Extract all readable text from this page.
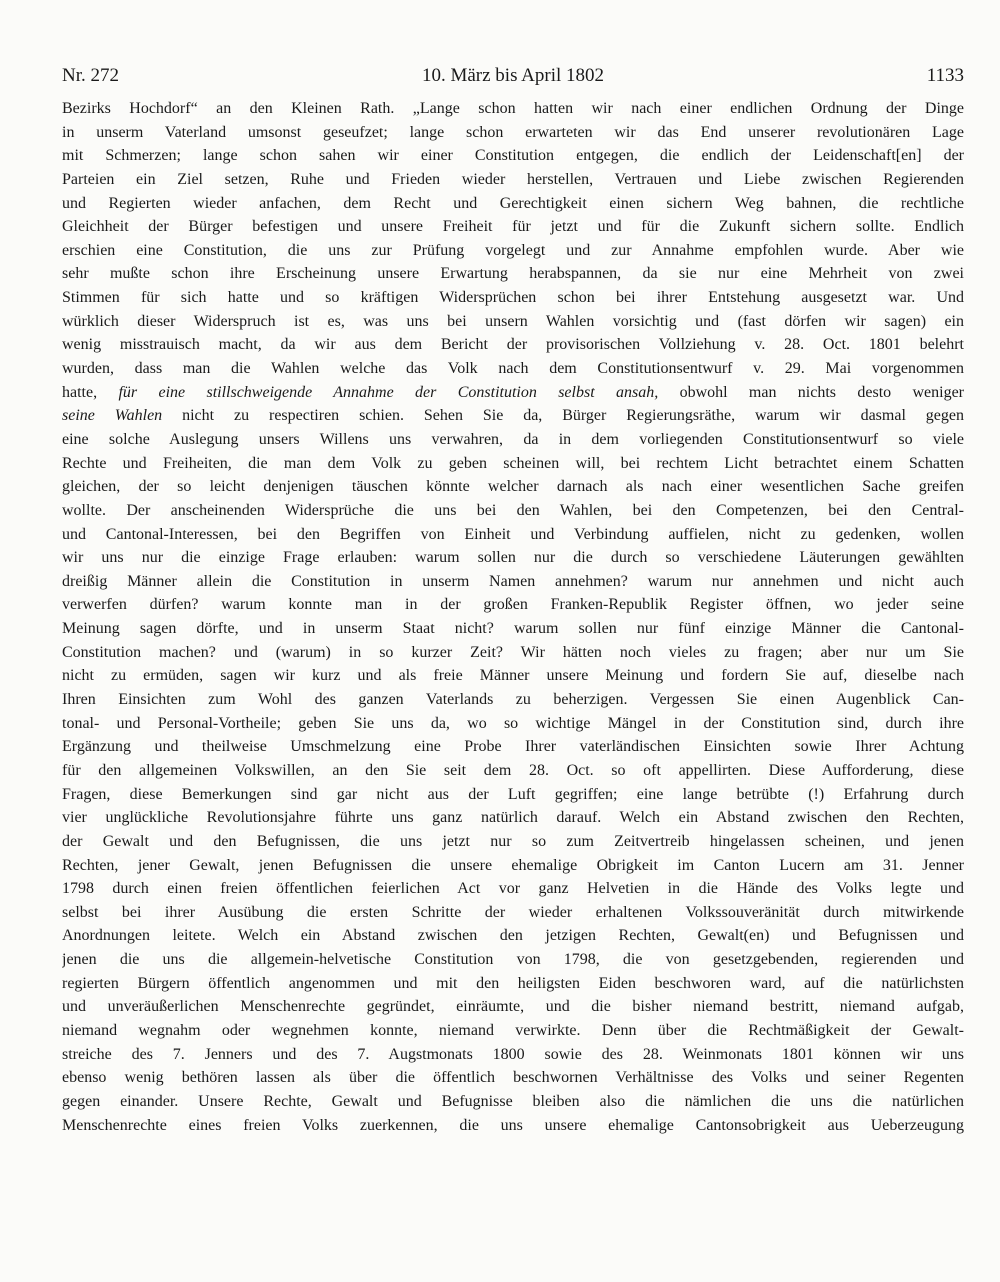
Nr. 272	10. März bis April 1802	1133
Bezirks Hochdorf“ an den Kleinen Rath. „Lange schon hatten wir nach einer endlichen Ordnung der Dinge
in unserm Vaterland umsonst geseufzet; lange schon erwarteten wir das End unserer revolutionären Lage
mit Schmerzen; lange schon sahen wir einer Constitution entgegen, die endlich der Leidenschaft[en] der
Parteien ein Ziel setzen, Ruhe und Frieden wieder herstellen, Vertrauen und Liebe zwischen Regierenden
und Regierten wieder anfachen, dem Recht und Gerechtigkeit einen sichern Weg bahnen, die rechtliche
Gleichheit der Bürger befestigen und unsere Freiheit für jetzt und für die Zukunft sichern sollte. Endlich
erschien eine Constitution, die uns zur Prüfung vorgelegt und zur Annahme empfohlen wurde. Aber wie
sehr mußte schon ihre Erscheinung unsere Erwartung herabspannen, da sie nur eine Mehrheit von zwei
Stimmen für sich hatte und so kräftigen Widersprüchen schon bei ihrer Entstehung ausgesetzt war. Und
würklich dieser Widerspruch ist es, was uns bei unsern Wahlen vorsichtig und (fast dörfen wir sagen) ein
wenig misstrauisch macht, da wir aus dem Bericht der provisorischen Vollziehung v. 28. Oct. 1801 belehrt
wurden, dass man die Wahlen welche das Volk nach dem Constitutionsentwurf v. 29. Mai vorgenommen
hatte, für eine stillschweigende Annahme der Constitution selbst ansah, obwohl man nichts desto weniger
seine Wahlen nicht zu respectiren schien. Sehen Sie da, Bürger Regierungsräthe, warum wir dasmal gegen
eine solche Auslegung unsers Willens uns verwahren, da in dem vorliegenden Constitutionsentwurf so viele
Rechte und Freiheiten, die man dem Volk zu geben scheinen will, bei rechtem Licht betrachtet einem Schatten
gleichen, der so leicht denjenigen täuschen könnte welcher darnach als nach einer wesentlichen Sache greifen
wollte. Der anscheinenden Widersprüche die uns bei den Wahlen, bei den Competenzen, bei den Central-
und Cantonal-Interessen, bei den Begriffen von Einheit und Verbindung auffielen, nicht zu gedenken, wollen
wir uns nur die einzige Frage erlauben: warum sollen nur die durch so verschiedene Läuterungen gewählten
dreißig Männer allein die Constitution in unserm Namen annehmen? warum nur annehmen und nicht auch
verwerfen dürfen? warum konnte man in der großen Franken-Republik Register öffnen, wo jeder seine
Meinung sagen dörfte, und in unserm Staat nicht? warum sollen nur fünf einzige Männer die Cantonal-
Constitution machen? und (warum) in so kurzer Zeit? Wir hätten noch vieles zu fragen; aber nur um Sie
nicht zu ermüden, sagen wir kurz und als freie Männer unsere Meinung und fordern Sie auf, dieselbe nach
Ihren Einsichten zum Wohl des ganzen Vaterlands zu beherzigen. Vergessen Sie einen Augenblick Can-
tonal- und Personal-Vortheile; geben Sie uns da, wo so wichtige Mängel in der Constitution sind, durch ihre
Ergänzung und theilweise Umschmelzung eine Probe Ihrer vaterländischen Einsichten sowie Ihrer Achtung
für den allgemeinen Volkswillen, an den Sie seit dem 28. Oct. so oft appellirten. Diese Aufforderung, diese
Fragen, diese Bemerkungen sind gar nicht aus der Luft gegriffen; eine lange betrübte (!) Erfahrung durch
vier unglückliche Revolutionsjahre führte uns ganz natürlich darauf. Welch ein Abstand zwischen den Rechten,
der Gewalt und den Befugnissen, die uns jetzt nur so zum Zeitvertreib hingelassen scheinen, und jenen
Rechten, jener Gewalt, jenen Befugnissen die unsere ehemalige Obrigkeit im Canton Lucern am 31. Jenner
1798 durch einen freien öffentlichen feierlichen Act vor ganz Helvetien in die Hände des Volks legte und
selbst bei ihrer Ausübung die ersten Schritte der wieder erhaltenen Volkssouveränität durch mitwirkende
Anordnungen leitete. Welch ein Abstand zwischen den jetzigen Rechten, Gewalt(en) und Befugnissen und
jenen die uns die allgemein-helvetische Constitution von 1798, die von gesetzgebenden, regierenden und
regierten Bürgern öffentlich angenommen und mit den heiligsten Eiden beschworen ward, auf die natürlichsten
und unveräußerlichen Menschenrechte gegründet, einräumte, und die bisher niemand bestritt, niemand aufgab,
niemand wegnahm oder wegnehmen konnte, niemand verwirkte. Denn über die Rechtmäßigkeit der Gewalt-
streiche des 7. Jenners und des 7. Augstmonats 1800 sowie des 28. Weinmonats 1801 können wir uns
ebenso wenig bethören lassen als über die öffentlich beschwornen Verhältnisse des Volks und seiner Regenten
gegen einander. Unsere Rechte, Gewalt und Befugnisse bleiben also die nämlichen die uns die natürlichen
Menschenrechte eines freien Volks zuerkennen, die uns unsere ehemalige Cantonsobrigkeit aus Ueberzeugung
